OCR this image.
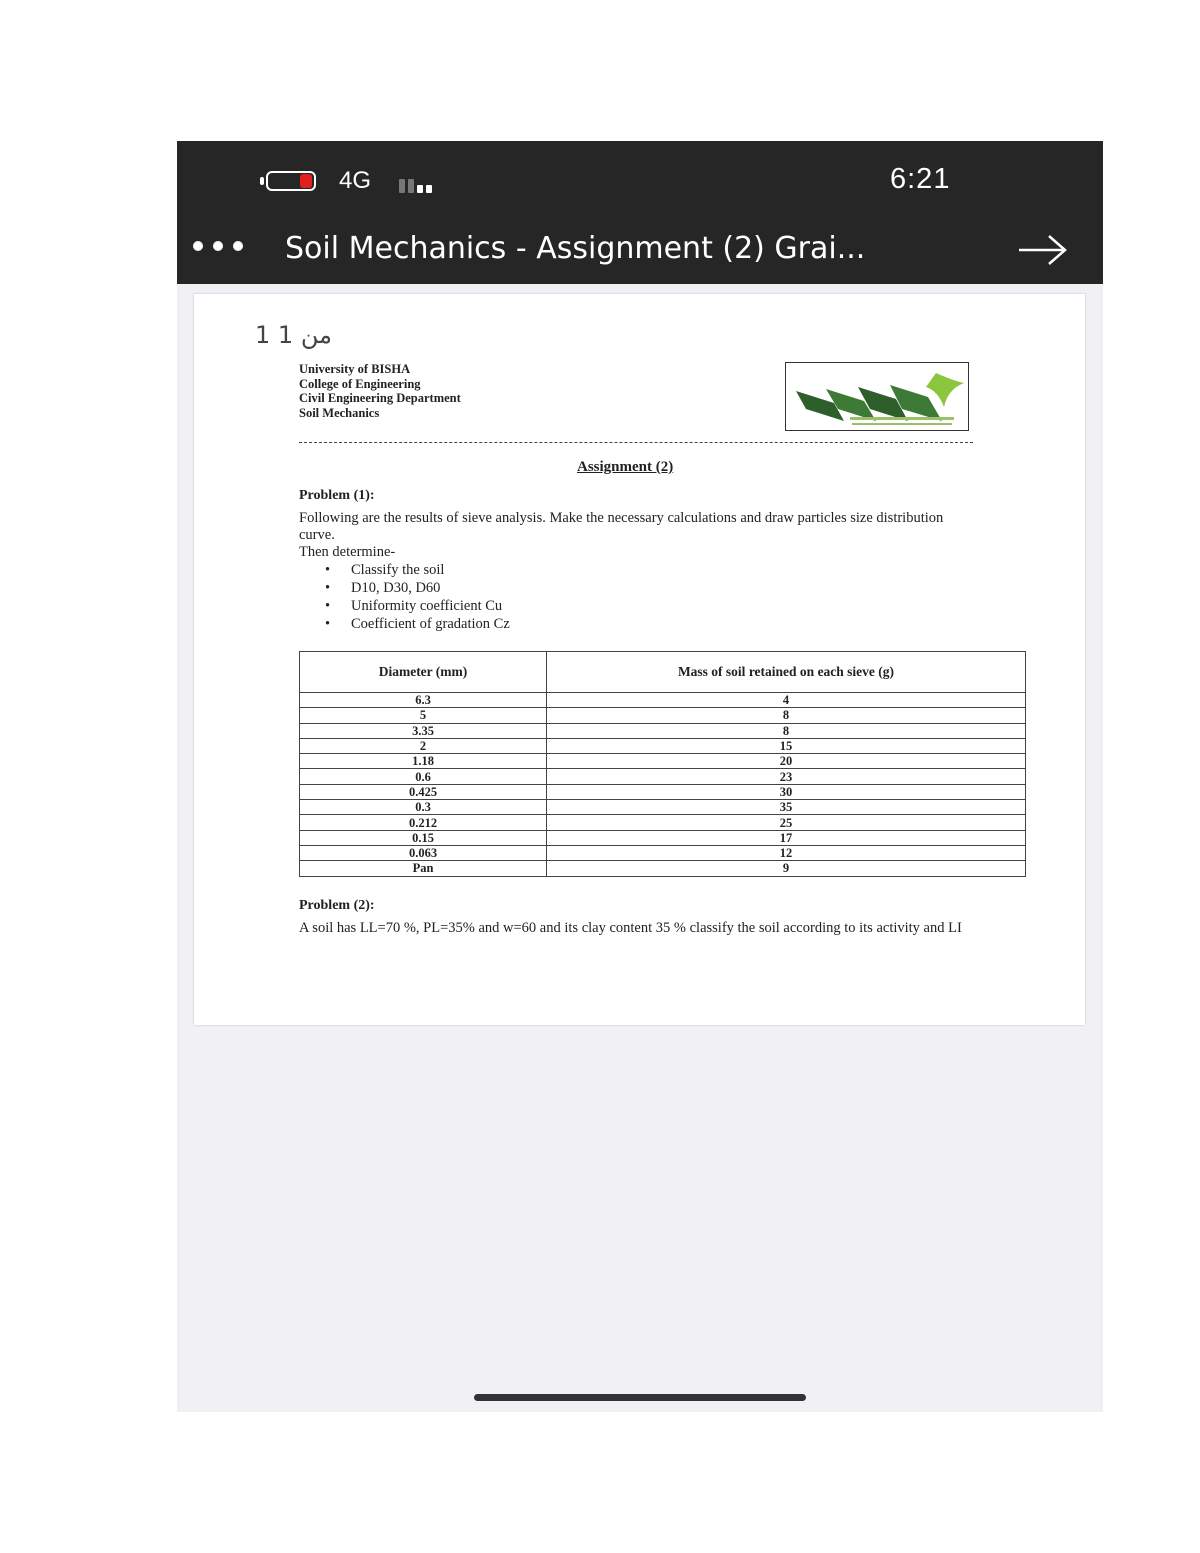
4G	6:21
Soil Mechanics - Assignment (2) Grai...
1 من 1
University of BISHA
College of Engineering
Civil Engineering Department
Soil Mechanics
Assignment (2)
Problem (1):
Following are the results of sieve analysis. Make the necessary calculations and draw particles size distribution curve.
Then determine-
• Classify the soil
• D10, D30, D60
• Uniformity coefficient Cu
• Coefficient of gradation Cz
Diameter (mm)	Mass of soil retained on each sieve (g)
6.3	4
5	8
3.35	8
2	15
1.18	20
0.6	23
0.425	30
0.3	35
0.212	25
0.15	17
0.063	12
Pan	9
Problem (2):
A soil has LL=70 %, PL=35% and w=60 and its clay content 35 % classify the soil according to its activity and LI
